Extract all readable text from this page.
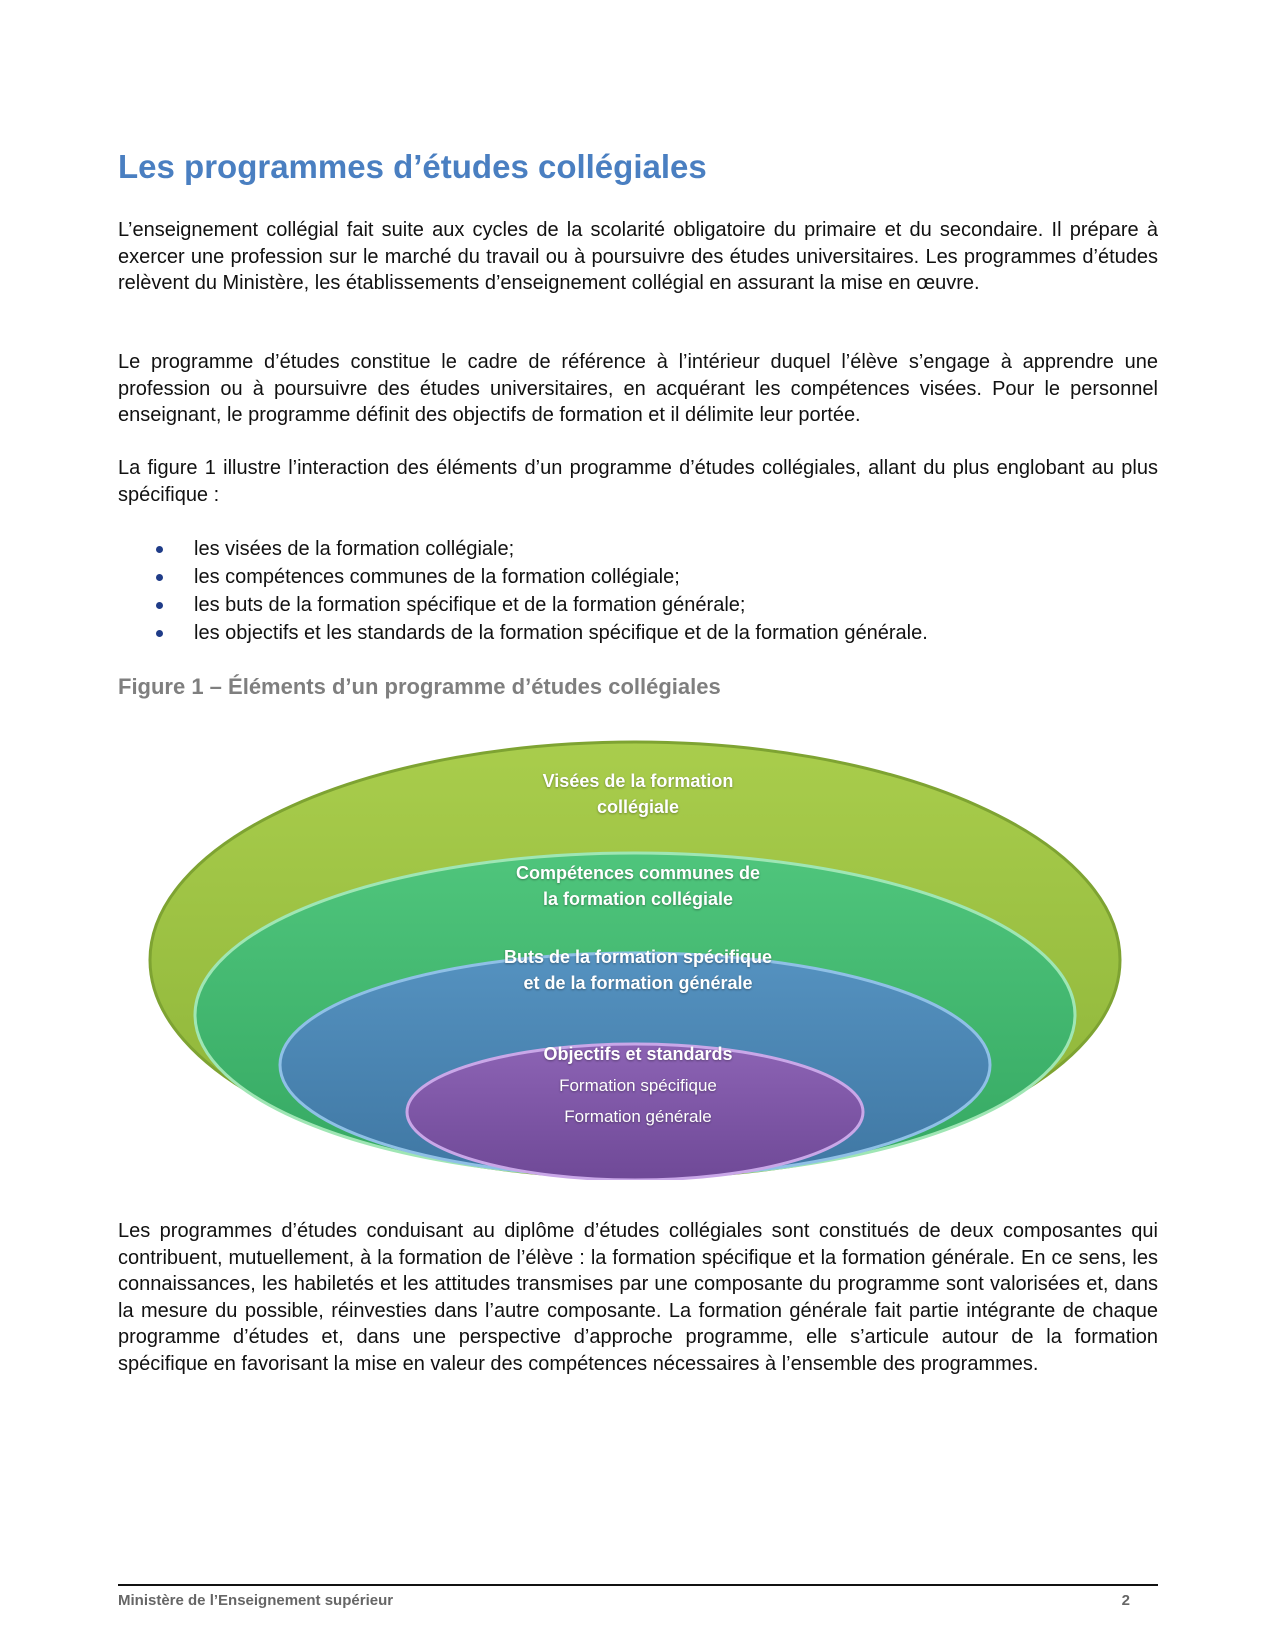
Les programmes d’études collégiales

L’enseignement collégial fait suite aux cycles de la scolarité obligatoire du primaire et du secondaire. Il prépare à exercer une profession sur le marché du travail ou à poursuivre des études universitaires. Les programmes d’études relèvent du Ministère, les établissements d’enseignement collégial en assurant la mise en œuvre.

Le programme d’études constitue le cadre de référence à l’intérieur duquel l’élève s’engage à apprendre une profession ou à poursuivre des études universitaires, en acquérant les compétences visées. Pour le personnel enseignant, le programme définit des objectifs de formation et il délimite leur portée.

La figure 1 illustre l’interaction des éléments d’un programme d’études collégiales, allant du plus englobant au plus spécifique :

les visées de la formation collégiale;
les compétences communes de la formation collégiale;
les buts de la formation spécifique et de la formation générale;
les objectifs et les standards de la formation spécifique et de la formation générale.
Figure 1 – Éléments d’un programme d’études collégiales
Visées de la formation
collégiale
Compétences communes de
la formation collégiale
Buts de la formation spécifique
et de la formation générale
Objectifs et standards
Formation spécifique
Formation générale

Les programmes d’études conduisant au diplôme d’études collégiales sont constitués de deux composantes qui contribuent, mutuellement, à la formation de l’élève : la formation spécifique et la formation générale. En ce sens, les connaissances, les habiletés et les attitudes transmises par une composante du programme sont valorisées et, dans la mesure du possible, réinvesties dans l’autre composante. La formation générale fait partie intégrante de chaque programme d’études et, dans une perspective d’approche programme, elle s’articule autour de la formation spécifique en favorisant la mise en valeur des compétences nécessaires à l’ensemble des programmes.

Ministère de l’Enseignement supérieur	2
